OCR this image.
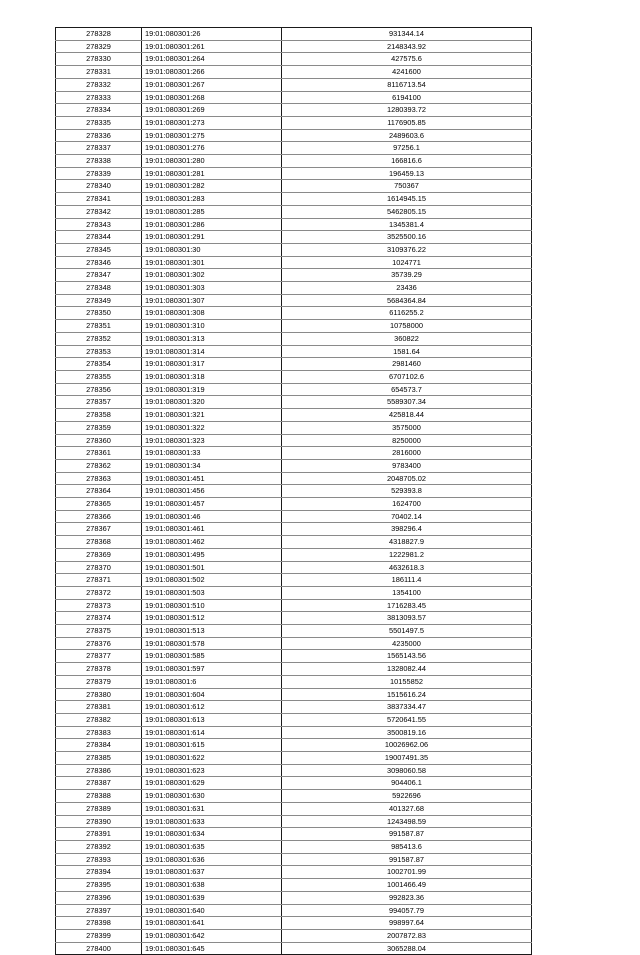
278328	19:01:080301:26	931344.14
278329	19:01:080301:261	2148343.92
278330	19:01:080301:264	427575.6
278331	19:01:080301:266	4241600
278332	19:01:080301:267	8116713.54
278333	19:01:080301:268	6194100
278334	19:01:080301:269	1280393.72
278335	19:01:080301:273	1176905.85
278336	19:01:080301:275	2489603.6
278337	19:01:080301:276	97256.1
278338	19:01:080301:280	166816.6
278339	19:01:080301:281	196459.13
278340	19:01:080301:282	750367
278341	19:01:080301:283	1614945.15
278342	19:01:080301:285	5462805.15
278343	19:01:080301:286	1345381.4
278344	19:01:080301:291	3525500.16
278345	19:01:080301:30	3109376.22
278346	19:01:080301:301	1024771
278347	19:01:080301:302	35739.29
278348	19:01:080301:303	23436
278349	19:01:080301:307	5684364.84
278350	19:01:080301:308	6116255.2
278351	19:01:080301:310	10758000
278352	19:01:080301:313	360822
278353	19:01:080301:314	1581.64
278354	19:01:080301:317	2981460
278355	19:01:080301:318	6707102.6
278356	19:01:080301:319	654573.7
278357	19:01:080301:320	5589307.34
278358	19:01:080301:321	425818.44
278359	19:01:080301:322	3575000
278360	19:01:080301:323	8250000
278361	19:01:080301:33	2816000
278362	19:01:080301:34	9783400
278363	19:01:080301:451	2048705.02
278364	19:01:080301:456	529393.8
278365	19:01:080301:457	1624700
278366	19:01:080301:46	70402.14
278367	19:01:080301:461	398296.4
278368	19:01:080301:462	4318827.9
278369	19:01:080301:495	1222981.2
278370	19:01:080301:501	4632618.3
278371	19:01:080301:502	186111.4
278372	19:01:080301:503	1354100
278373	19:01:080301:510	1716283.45
278374	19:01:080301:512	3813093.57
278375	19:01:080301:513	5501497.5
278376	19:01:080301:578	4235000
278377	19:01:080301:585	1565143.56
278378	19:01:080301:597	1328082.44
278379	19:01:080301:6	10155852
278380	19:01:080301:604	1515616.24
278381	19:01:080301:612	3837334.47
278382	19:01:080301:613	5720641.55
278383	19:01:080301:614	3500819.16
278384	19:01:080301:615	10026962.06
278385	19:01:080301:622	19007491.35
278386	19:01:080301:623	3098060.58
278387	19:01:080301:629	904406.1
278388	19:01:080301:630	5922696
278389	19:01:080301:631	401327.68
278390	19:01:080301:633	1243498.59
278391	19:01:080301:634	991587.87
278392	19:01:080301:635	985413.6
278393	19:01:080301:636	991587.87
278394	19:01:080301:637	1002701.99
278395	19:01:080301:638	1001466.49
278396	19:01:080301:639	992823.36
278397	19:01:080301:640	994057.79
278398	19:01:080301:641	998997.64
278399	19:01:080301:642	2007872.83
278400	19:01:080301:645	3065288.04
